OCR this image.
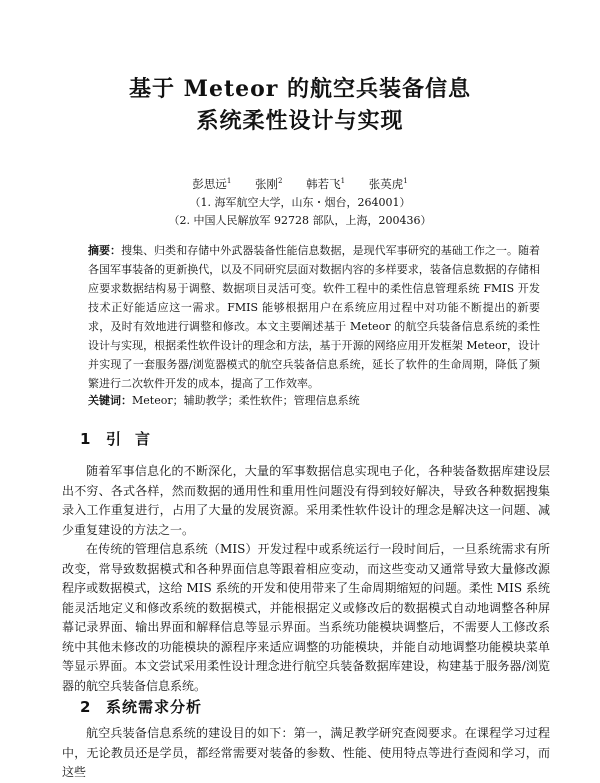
基于 Meteor 的航空兵装备信息
系统柔性设计与实现
彭思远$^1$ 张刚$^2$ 韩若飞$^1$ 张英虎$^1$
（1. 海军航空大学，山东・烟台，264001）
（2. 中国人民解放军 92728 部队，上海，200436）
摘要：搜集、归类和存储中外武器装备性能信息数据，是现代军事研究的基础工作之一。随着各国军事装备的更新换代，以及不同研究层面对数据内容的多样要求，装备信息数据的存储相应要求数据结构易于调整、数据项目灵活可变。软件工程中的柔性信息管理系统 FMIS 开发技术正好能适应这一需求。FMIS 能够根据用户在系统应用过程中对功能不断提出的新要求，及时有效地进行调整和修改。本文主要阐述基于 Meteor 的航空兵装备信息系统的柔性设计与实现，根据柔性软件设计的理念和方法，基于开源的网络应用开发框架 Meteor，设计并实现了一套服务器/浏览器模式的航空兵装备信息系统，延长了软件的生命周期，降低了频繁进行二次软件开发的成本，提高了工作效率。
关键词：Meteor；辅助教学；柔性软件；管理信息系统
1 引言

随着军事信息化的不断深化，大量的军事数据信息实现电子化，各种装备数据库建设层出不穷、各式各样，然而数据的通用性和重用性问题没有得到较好解决，导致各种数据搜集录入工作重复进行，占用了大量的发展资源。采用柔性软件设计的理念是解决这一问题、减少重复建设的方法之一。

在传统的管理信息系统（MIS）开发过程中或系统运行一段时间后，一旦系统需求有所改变，常导致数据模式和各种界面信息等跟着相应变动，而这些变动又通常导致大量修改源程序或数据模式，这给 MIS 系统的开发和使用带来了生命周期缩短的问题。柔性 MIS 系统能灵活地定义和修改系统的数据模式，并能根据定义或修改后的数据模式自动地调整各种屏幕记录界面、输出界面和解释信息等显示界面。当系统功能模块调整后，不需要人工修改系统中其他未修改的功能模块的源程序来适应调整的功能模块，并能自动地调整功能模块菜单等显示界面。本文尝试采用柔性设计理念进行航空兵装备数据库建设，构建基于服务器/浏览器的航空兵装备信息系统。

2 系统需求分析

航空兵装备信息系统的建设目的如下：第一，满足教学研究查阅要求。在课程学习过程中，无论教员还是学员，都经常需要对装备的参数、性能、使用特点等进行查阅和学习，而这些
